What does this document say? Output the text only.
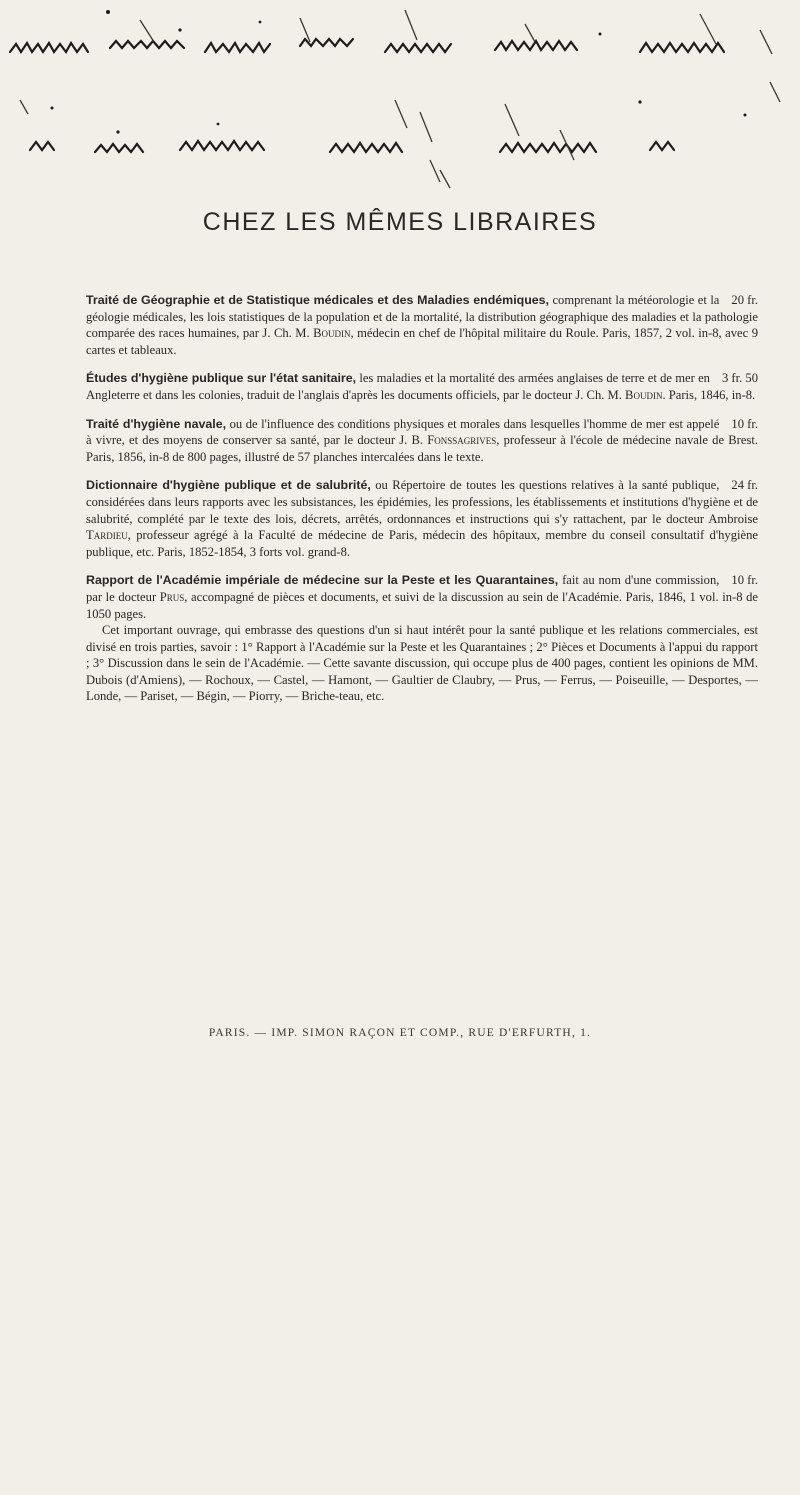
CHEZ LES MÊMES LIBRAIRES
20 fr.
Traité de Géographie et de Statistique médicales et des Maladies endémiques, comprenant la météorologie et la géologie médicales, les lois statistiques de la population et de la mortalité, la distribution géographique des maladies et la pathologie comparée des races humaines, par J. Ch. M. Boudin, médecin en chef de l'hôpital militaire du Roule. Paris, 1857, 2 vol. in-8, avec 9 cartes et tableaux.
3 fr. 50
Études d'hygiène publique sur l'état sanitaire, les maladies et la mortalité des armées anglaises de terre et de mer en Angleterre et dans les colonies, traduit de l'anglais d'après les documents officiels, par le docteur J. Ch. M. Boudin. Paris, 1846, in-8.
10 fr.
Traité d'hygiène navale, ou de l'influence des conditions physiques et morales dans lesquelles l'homme de mer est appelé à vivre, et des moyens de conserver sa santé, par le docteur J. B. Fonssagrives, professeur à l'école de médecine navale de Brest. Paris, 1856, in-8 de 800 pages, illustré de 57 planches intercalées dans le texte.
24 fr.
Dictionnaire d'hygiène publique et de salubrité, ou Répertoire de toutes les questions relatives à la santé publique, considérées dans leurs rapports avec les subsistances, les épidémies, les professions, les établissements et institutions d'hygiène et de salubrité, complété par le texte des lois, décrets, arrêtés, ordonnances et instructions qui s'y rattachent, par le docteur Ambroise Tardieu, professeur agrégé à la Faculté de médecine de Paris, médecin des hôpitaux, membre du conseil consultatif d'hygiène publique, etc. Paris, 1852-1854, 3 forts vol. grand-8.
10 fr.
Rapport de l'Académie impériale de médecine sur la Peste et les Quarantaines, fait au nom d'une commission, par le docteur Prus, accompagné de pièces et documents, et suivi de la discussion au sein de l'Académie. Paris, 1846, 1 vol. in-8 de 1050 pages.
Cet important ouvrage, qui embrasse des questions d'un si haut intérêt pour la santé publique et les relations commerciales, est divisé en trois parties, savoir : 1° Rapport à l'Académie sur la Peste et les Quarantaines ; 2° Pièces et Documents à l'appui du rapport ; 3° Discussion dans le sein de l'Académie. — Cette savante discussion, qui occupe plus de 400 pages, contient les opinions de MM. Dubois (d'Amiens), — Rochoux, — Castel, — Hamont, — Gaultier de Claubry, — Prus, — Ferrus, — Poiseuille, — Desportes, — Londe, — Pariset, — Bégin, — Piorry, — Briche-teau, etc.
PARIS. — IMP. SIMON RAÇON ET COMP., RUE D'ERFURTH, 1.
